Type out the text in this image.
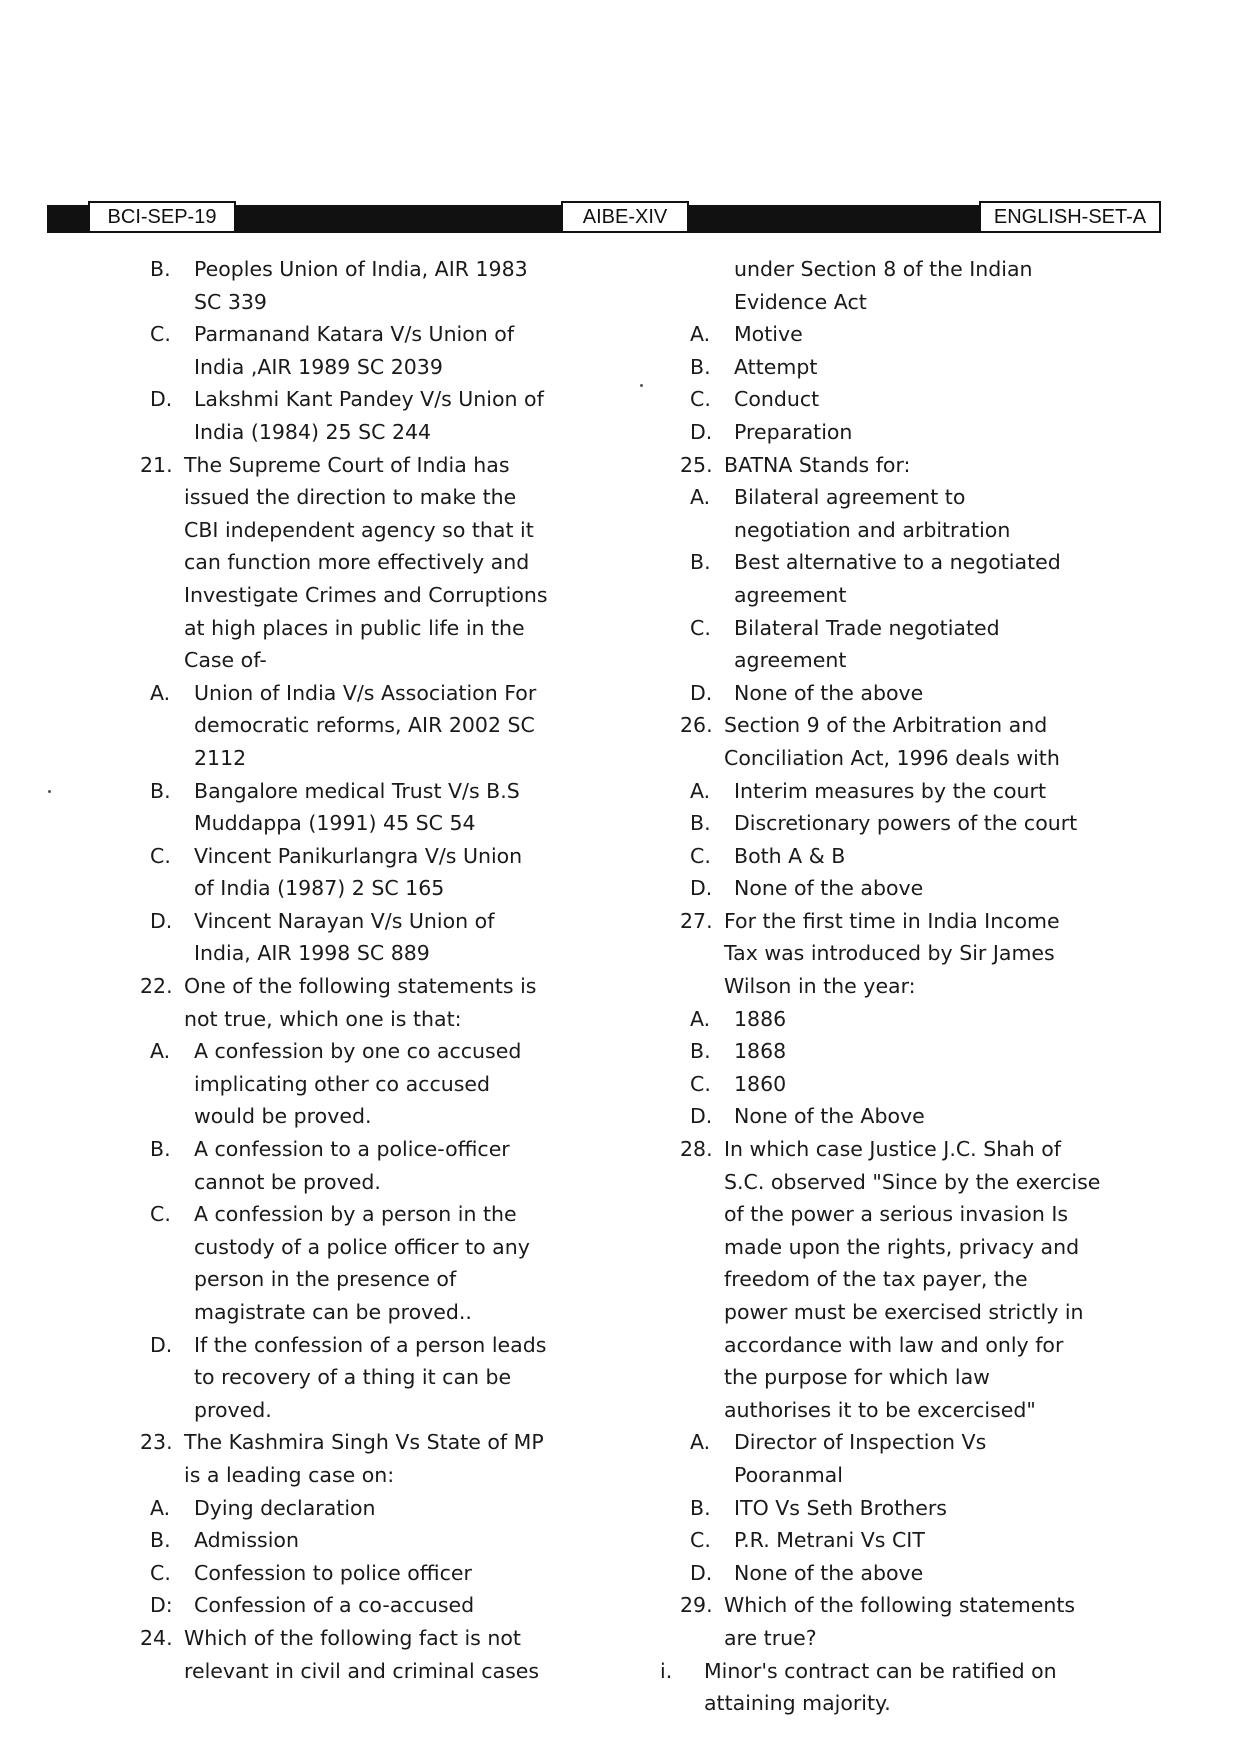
BCI-SEP-19	AIBE-XIV	ENGLISH-SET-A
B.	Peoples Union of India, AIR 1983
SC 339
C.	Parmanand Katara V/s Union of
India ,AIR 1989 SC 2039
D.	Lakshmi Kant Pandey V/s Union of
India (1984) 25 SC 244
21. The Supreme Court of India has
issued the direction to make the
CBI independent agency so that it
can function more effectively and
Investigate Crimes and Corruptions
at high places in public life in the
Case of-
A.	Union of India V/s Association For
democratic reforms, AIR 2002 SC
2112
B.	Bangalore medical Trust V/s B.S
Muddappa (1991) 45 SC 54
C.	Vincent Panikurlangra V/s Union
of India (1987) 2 SC 165
D.	Vincent Narayan V/s Union of
India, AIR 1998 SC 889
22. One of the following statements is
not true, which one is that:
A.	A confession by one co accused
implicating other co accused
would be proved.
B.	A confession to a police-officer
cannot be proved.
C.	A confession by a person in the
custody of a police officer to any
person in the presence of
magistrate can be proved..
D.	If the confession of a person leads
to recovery of a thing it can be
proved.
23. The Kashmira Singh Vs State of MP
is a leading case on:
A.	Dying declaration
B.	Admission
C.	Confession to police officer
D:	Confession of a co-accused
24. Which of the following fact is not
relevant in civil and criminal cases
under Section 8 of the Indian
Evidence Act
A.	Motive
B.	Attempt
C.	Conduct
D.	Preparation
25. BATNA Stands for:
A.	Bilateral agreement to
negotiation and arbitration
B.	Best alternative to a negotiated
agreement
C.	Bilateral Trade negotiated
agreement
D.	None of the above
26. Section 9 of the Arbitration and
Conciliation Act, 1996 deals with
A.	Interim measures by the court
B.	Discretionary powers of the court
C.	Both A & B
D.	None of the above
27. For the first time in India Income
Tax was introduced by Sir James
Wilson in the year:
A.	1886
B.	1868
C.	1860
D.	None of the Above
28. In which case Justice J.C. Shah of
S.C. observed "Since by the exercise
of the power a serious invasion Is
made upon the rights, privacy and
freedom of the tax payer, the
power must be exercised strictly in
accordance with law and only for
the purpose for which law
authorises it to be excercised"
A.	Director of Inspection Vs
Pooranmal
B.	ITO Vs Seth Brothers
C.	P.R. Metrani Vs CIT
D.	None of the above
29. Which of the following statements
are true?
i.	Minor's contract can be ratified on
attaining majority.
